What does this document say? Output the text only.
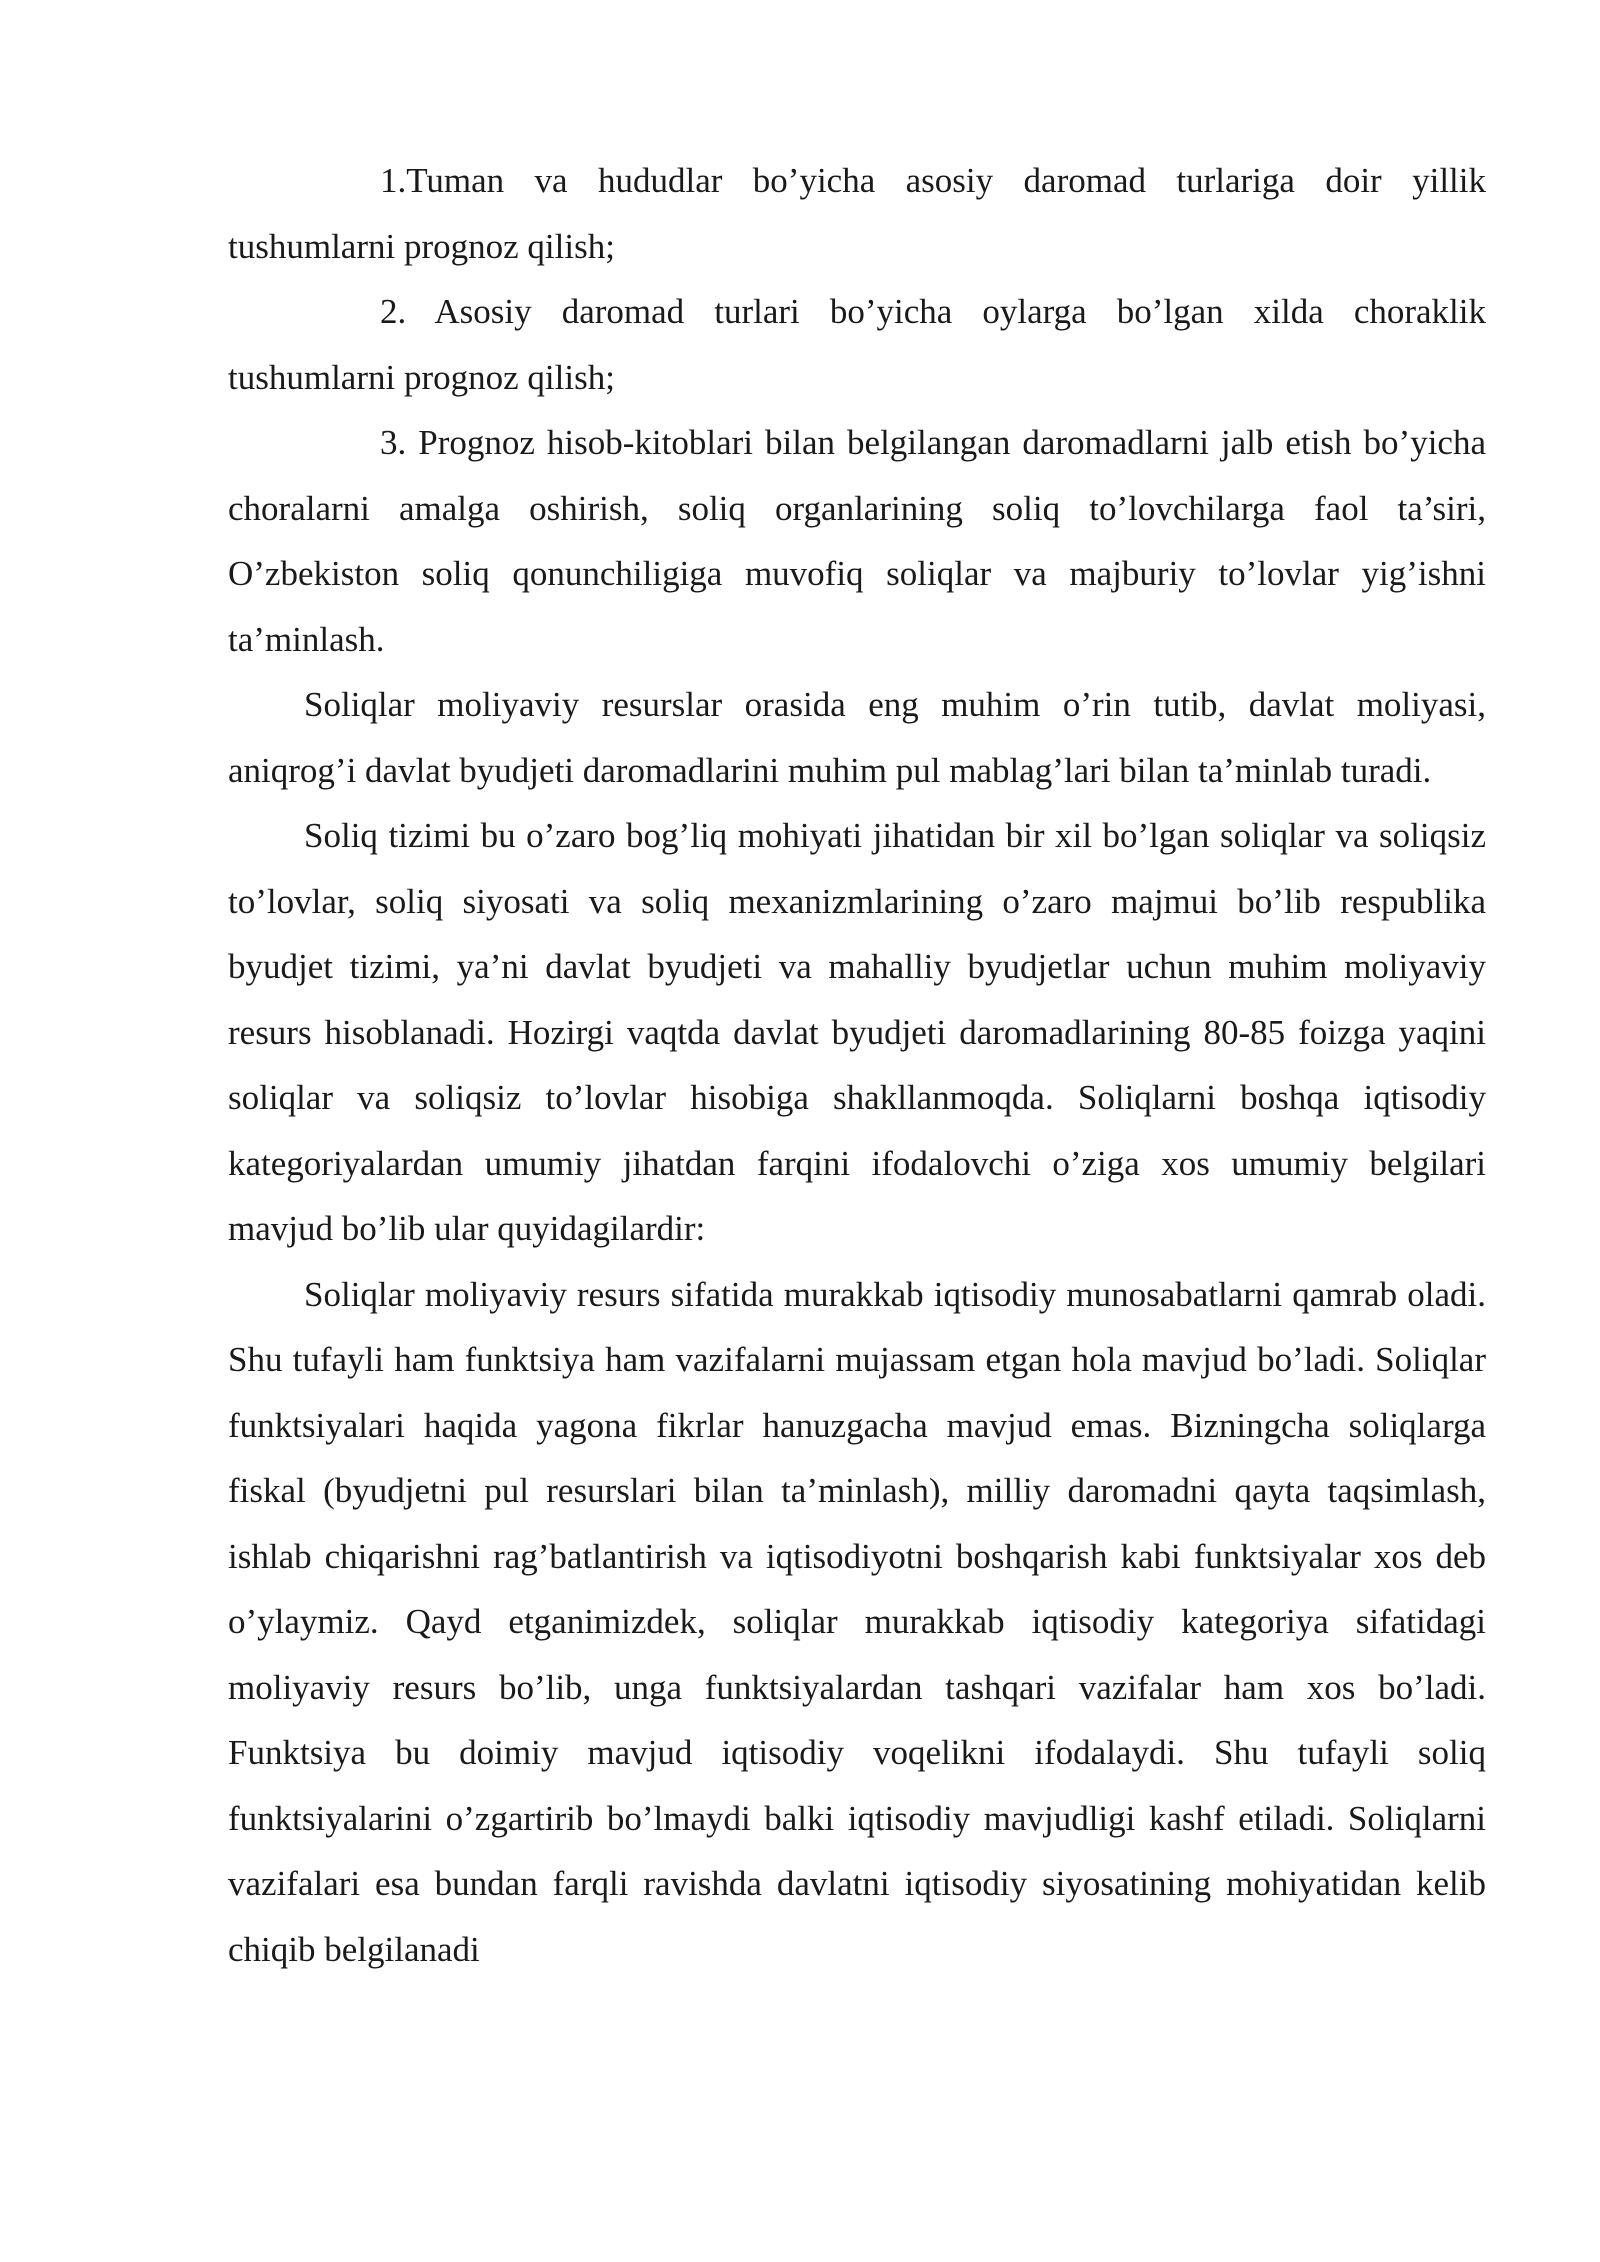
1.Tuman va hududlar bo’yicha asosiy daromad turlariga doir yillik tushumlarni prognoz qilish;

2. Asosiy daromad turlari bo’yicha oylarga bo’lgan xilda choraklik tushumlarni prognoz qilish;

3. Prognoz hisob-kitoblari bilan belgilangan daromadlarni jalb etish bo’yicha choralarni amalga oshirish, soliq organlarining soliq to’lovchilarga faol ta’siri, O’zbekiston soliq qonunchiligiga muvofiq soliqlar va majburiy to’lovlar yig’ishni ta’minlash.

Soliqlar moliyaviy resurslar orasida eng muhim o’rin tutib, davlat moliyasi, aniqrog’i davlat byudjeti daromadlarini muhim pul mablag’lari bilan ta’minlab turadi.

Soliq tizimi bu o’zaro bog’liq mohiyati jihatidan bir xil bo’lgan soliqlar va soliqsiz to’lovlar, soliq siyosati va soliq mexanizmlarining o’zaro majmui bo’lib respublika byudjet tizimi, ya’ni davlat byudjeti va mahalliy byudjetlar uchun muhim moliyaviy resurs hisoblanadi. Hozirgi vaqtda davlat byudjeti daromadlarining 80-85 foizga yaqini soliqlar va soliqsiz to’lovlar hisobiga shakllanmoqda. Soliqlarni boshqa iqtisodiy kategoriyalardan umumiy jihatdan farqini ifodalovchi o’ziga xos umumiy belgilari mavjud bo’lib ular quyidagilardir:

Soliqlar moliyaviy resurs sifatida murakkab iqtisodiy munosabatlarni qamrab oladi. Shu tufayli ham funktsiya ham vazifalarni mujassam etgan hola mavjud bo’ladi. Soliqlar funktsiyalari haqida yagona fikrlar hanuzgacha mavjud emas. Bizningcha soliqlarga fiskal (byudjetni pul resurslari bilan ta’minlash), milliy daromadni qayta taqsimlash, ishlab chiqarishni rag’batlantirish va iqtisodiyotni boshqarish kabi funktsiyalar xos deb o’ylaymiz. Qayd etganimizdek, soliqlar murakkab iqtisodiy kategoriya sifatidagi moliyaviy resurs bo’lib, unga funktsiyalardan tashqari vazifalar ham xos bo’ladi. Funktsiya bu doimiy mavjud iqtisodiy voqelikni ifodalaydi. Shu tufayli soliq funktsiyalarini o’zgartirib bo’lmaydi balki iqtisodiy mavjudligi kashf etiladi. Soliqlarni vazifalari esa bundan farqli ravishda davlatni iqtisodiy siyosatining mohiyatidan kelib chiqib belgilanadi
